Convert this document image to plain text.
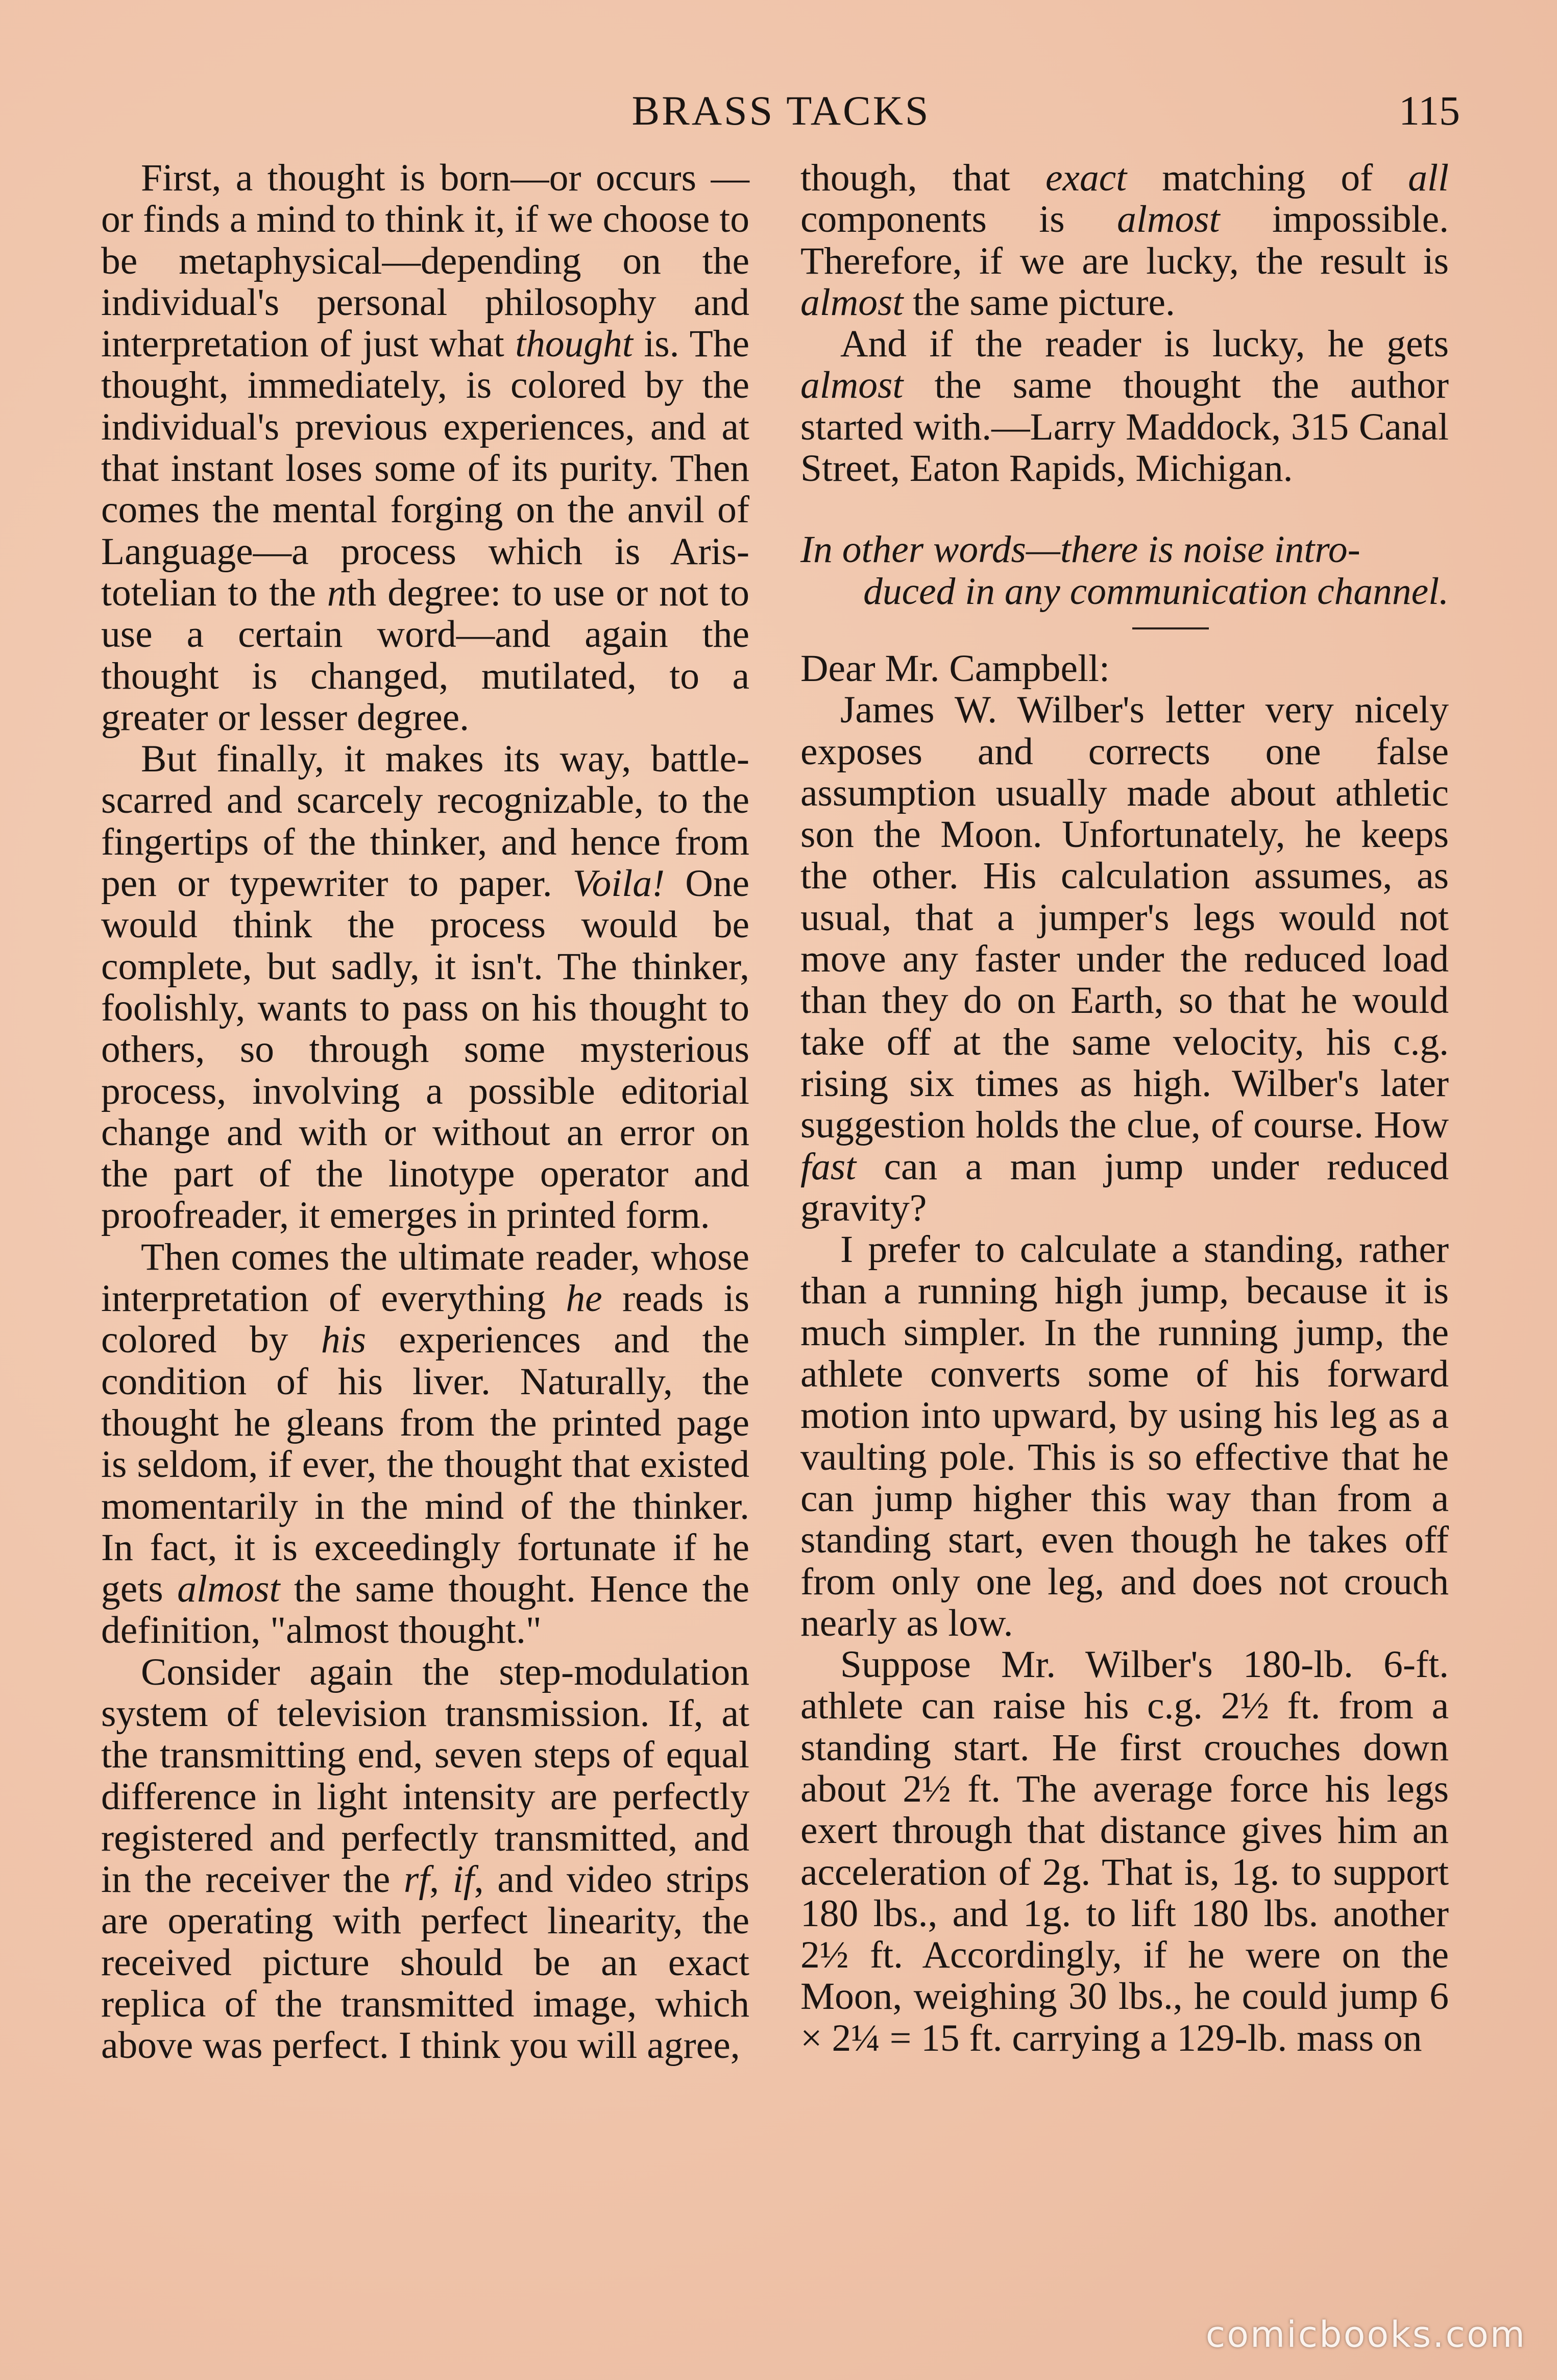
BRASS TACKS	115

First, a thought is born—or occurs —or finds a mind to think it, if we choose to be metaphysical—depending on the individual's personal philosophy and interpretation of just what thought is. The thought, immediately, is colored by the individual's previous experiences, and at that instant loses some of its purity. Then comes the mental forging on the anvil of Language—a process which is Aristotelian to the nth degree: to use or not to use a certain word—and again the thought is changed, mutilated, to a greater or lesser degree.

But finally, it makes its way, battle-scarred and scarcely recognizable, to the fingertips of the thinker, and hence from pen or typewriter to paper. Voila! One would think the process would be complete, but sadly, it isn't. The thinker, foolishly, wants to pass on his thought to others, so through some mysterious process, involving a possible editorial change and with or without an error on the part of the linotype operator and proofreader, it emerges in printed form.

Then comes the ultimate reader, whose interpretation of everything he reads is colored by his experiences and the condition of his liver. Naturally, the thought he gleans from the printed page is seldom, if ever, the thought that existed momentarily in the mind of the thinker. In fact, it is exceedingly fortunate if he gets almost the same thought. Hence the definition, "almost thought."

Consider again the step-modulation system of television transmission. If, at the transmitting end, seven steps of equal difference in light intensity are perfectly registered and perfectly transmitted, and in the receiver the rf, if, and video strips are operating with perfect linearity, the received picture should be an exact replica of the transmitted image, which above was perfect. I think you will agree,

though, that exact matching of all components is almost impossible. Therefore, if we are lucky, the result is almost the same picture.

And if the reader is lucky, he gets almost the same thought the author started with.—Larry Maddock, 315 Canal Street, Eaton Rapids, Michigan.

In other words—there is noise intro-
duced in any communication channel.

Dear Mr. Campbell:

James W. Wilber's letter very nicely exposes and corrects one false assumption usually made about athletic son the Moon. Unfortunately, he keeps the other. His calculation assumes, as usual, that a jumper's legs would not move any faster under the reduced load than they do on Earth, so that he would take off at the same velocity, his c.g. rising six times as high. Wilber's later suggestion holds the clue, of course. How fast can a man jump under reduced gravity?

I prefer to calculate a standing, rather than a running high jump, because it is much simpler. In the running jump, the athlete converts some of his forward motion into upward, by using his leg as a vaulting pole. This is so effective that he can jump higher this way than from a standing start, even though he takes off from only one leg, and does not crouch nearly as low.

Suppose Mr. Wilber's 180-lb. 6-ft. athlete can raise his c.g. 2½ ft. from a standing start. He first crouches down about 2½ ft. The average force his legs exert through that distance gives him an acceleration of 2g. That is, 1g. to support 180 lbs., and 1g. to lift 180 lbs. another 2½ ft. Accordingly, if he were on the Moon, weighing 30 lbs., he could jump 6 × 2¼ = 15 ft. carrying a 129-lb. mass on

comicbooks.com
